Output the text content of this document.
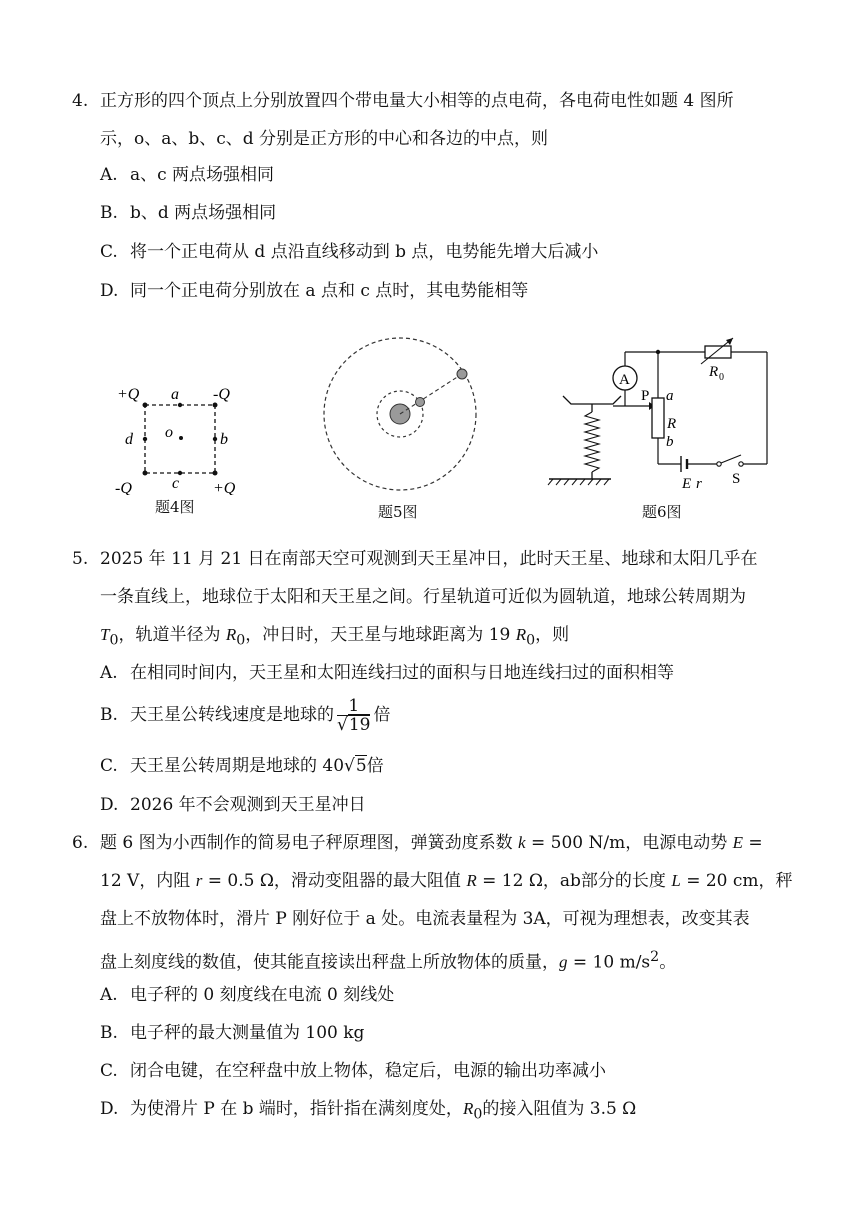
4. 正方形的四个顶点上分别放置四个带电量大小相等的点电荷，各电荷电性如题 4 图所
示，o、a、b、c、d 分别是正方形的中心和各边的中点，则
A. a、c 两点场强相同
B. b、d 两点场强相同
C. 将一个正电荷从 d 点沿直线移动到 b 点，电势能先增大后减小
D. 同一个正电荷分别放在 a 点和 c 点时，其电势能相等
+Q	-Q
-Q	+Q
a
b
c
d o
题4图	题5图
A
P a
R
b
R 0
E r S
题6图
5. 2025 年 11 月 21 日在南部天空可观测到天王星冲日，此时天王星、地球和太阳几乎在
一条直线上，地球位于太阳和天王星之间。行星轨道可近似为圆轨道，地球公转周期为
$T_0$，轨道半径为 $R_0$，冲日时，天王星与地球距离为 19 $R_0$，则
A. 在相同时间内，天王星和太阳连线扫过的面积与日地连线扫过的面积相等
B. 天王星公转线速度是地球的 $\frac{1}{√19}$ 倍
C. 天王星公转周期是地球的 40√5倍
D. 2026 年不会观测到天王星冲日
6. 题 6 图为小西制作的简易电子秤原理图，弹簧劲度系数 k = 500 N/m，电源电动势 E =
12 V，内阻 r = 0.5 Ω，滑动变阻器的最大阻值 R = 12 Ω，ab部分的长度 L = 20 cm，秤
盘上不放物体时，滑片 P 刚好位于 a 处。电流表量程为 3A，可视为理想表，改变其表
盘上刻度线的数值，使其能直接读出秤盘上所放物体的质量，g = 10 $m/s^2$。
A. 电子秤的 0 刻度线在电流 0 刻线处
B. 电子秤的最大测量值为 100 kg
C. 闭合电键，在空秤盘中放上物体，稳定后，电源的输出功率减小
D. 为使滑片 P 在 b 端时，指针指在满刻度处，$R_0$的接入阻值为 3.5 Ω
